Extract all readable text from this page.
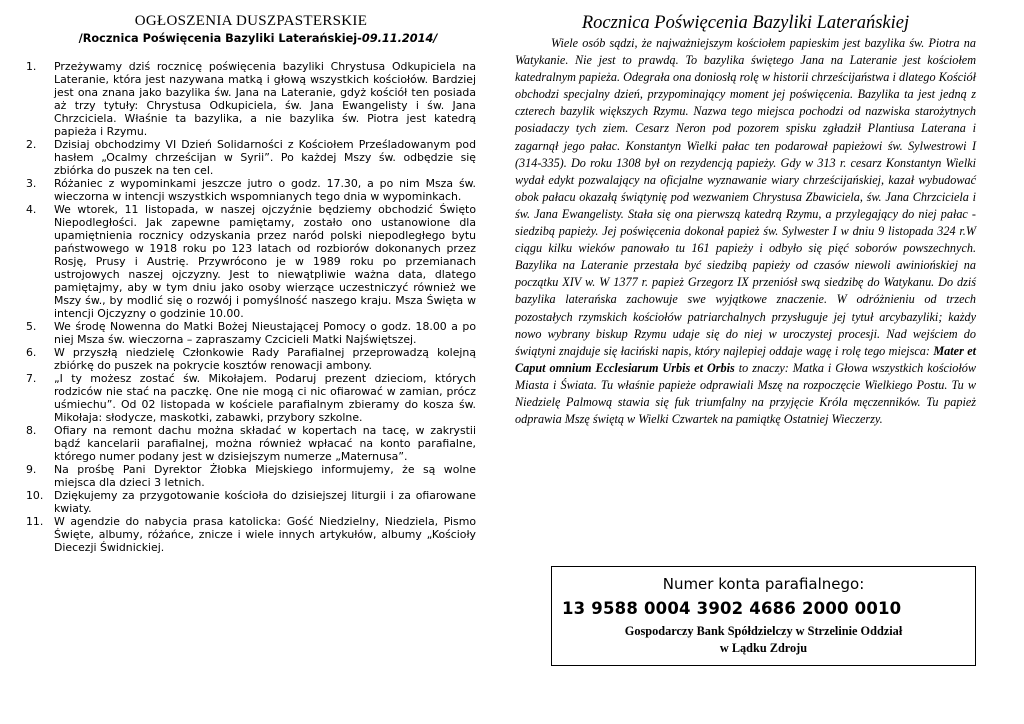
OGŁOSZENIA DUSZPASTERSKIE
/Rocznica Poświęcenia Bazyliki Laterańskiej-09.11.2014/
1.	Przeżywamy dziś rocznicę poświęcenia bazyliki Chrystusa Odkupiciela na Lateranie, która jest nazywana matką i głową wszystkich kościołów. Bardziej jest ona znana jako bazylika św. Jana na Lateranie, gdyż kościół ten posiada aż trzy tytuły: Chrystusa Odkupiciela, św. Jana Ewangelisty i św. Jana Chrzciciela. Właśnie ta bazylika, a nie bazylika św. Piotra jest katedrą papieża i Rzymu.
2.	Dzisiaj obchodzimy VI Dzień Solidarności z Kościołem Prześladowanym pod hasłem „Ocalmy chrześcijan w Syrii”. Po każdej Mszy św. odbędzie się zbiórka do puszek na ten cel.
3.	Różaniec z wypominkami jeszcze jutro o godz. 17.30, a po nim Msza św. wieczorna w intencji wszystkich wspomnianych tego dnia w wypominkach.
4.	We wtorek, 11 listopada, w naszej ojczyźnie będziemy obchodzić Święto Niepodległości. Jak zapewne pamiętamy, zostało ono ustanowione dla upamiętnienia rocznicy odzyskania przez naród polski niepodległego bytu państwowego w 1918 roku po 123 latach od rozbiorów dokonanych przez Rosję, Prusy i Austrię. Przywrócono je w 1989 roku po przemianach ustrojowych naszej ojczyzny. Jest to niewątpliwie ważna data, dlatego pamiętajmy, aby w tym dniu jako osoby wierzące uczestniczyć również we Mszy św., by modlić się o rozwój i pomyślność naszego kraju. Msza Święta w intencji Ojczyzny o godzinie 10.00.
5.	We środę Nowenna do Matki Bożej Nieustającej Pomocy o godz. 18.00 a po niej Msza św. wieczorna – zapraszamy Czcicieli Matki Najświętszej.
6.	W przyszłą niedzielę Członkowie Rady Parafialnej przeprowadzą kolejną zbiórkę do puszek na pokrycie kosztów renowacji ambony.
7.	„I ty możesz zostać św. Mikołajem. Podaruj prezent dzieciom, których rodziców nie stać na paczkę. One nie mogą ci nic ofiarować w zamian, prócz uśmiechu”. Od 02 listopada w kościele parafialnym zbieramy do kosza św. Mikołaja: słodycze, maskotki, zabawki, przybory szkolne.
8.	Ofiary na remont dachu można składać w kopertach na tacę, w zakrystii bądź kancelarii parafialnej, można również wpłacać na konto parafialne, którego numer podany jest w dzisiejszym numerze „Maternusa”.
9.	Na prośbę Pani Dyrektor Żłobka Miejskiego informujemy, że są wolne miejsca dla dzieci 3 letnich.
10. Dziękujemy za przygotowanie kościoła do dzisiejszej liturgii i za ofiarowane kwiaty.
11. W agendzie do nabycia prasa katolicka: Gość Niedzielny, Niedziela, Pismo Święte, albumy, różańce, znicze i wiele innych artykułów, albumy „Kościoły Diecezji Świdnickiej.
Rocznica Poświęcenia Bazyliki Laterańskiej

Wiele osób sądzi, że najważniejszym kościołem papieskim jest bazylika św. Piotra na Watykanie. Nie jest to prawdą. To bazylika świętego Jana na Lateranie jest kościołem katedralnym papieża. Odegrała ona doniosłą rolę w historii chrześcijaństwa i dlatego Kościół obchodzi specjalny dzień, przypominający moment jej poświęcenia. Bazylika ta jest jedną z czterech bazylik większych Rzymu. Nazwa tego miejsca pochodzi od nazwiska starożytnych posiadaczy tych ziem. Cesarz Neron pod pozorem spisku zgładził Plantiusa Laterana i zagarnął jego pałac. Konstantyn Wielki pałac ten podarował papieżowi św. Sylwestrowi I (314-335). Do roku 1308 był on rezydencją papieży. Gdy w 313 r. cesarz Konstantyn Wielki wydał edykt pozwalający na oficjalne wyznawanie wiary chrześcijańskiej, kazał wybudować obok pałacu okazałą świątynię pod wezwaniem Chrystusa Zbawiciela, św. Jana Chrzciciela i św. Jana Ewangelisty. Stała się ona pierwszą katedrą Rzymu, a przylegający do niej pałac - siedzibą papieży. Jej poświęcenia dokonał papież św. Sylwester I w dniu 9 listopada 324 r.W ciągu kilku wieków panowało tu 161 papieży i odbyło się pięć soborów powszechnych. Bazylika na Lateranie przestała być siedzibą papieży od czasów niewoli awiniońskiej na początku XIV w. W 1377 r. papież Grzegorz IX przeniósł swą siedzibę do Watykanu. Do dziś bazylika laterańska zachowuje swe wyjątkowe znaczenie. W odróżnieniu od trzech pozostałych rzymskich kościołów patriarchalnych przysługuje jej tytuł arcybazyliki; każdy nowo wybrany biskup Rzymu udaje się do niej w uroczystej procesji. Nad wejściem do świątyni znajduje się łaciński napis, który najlepiej oddaje wagę i rolę tego miejsca: Mater et Caput omnium Ecclesiarum Urbis et Orbis to znaczy: Matka i Głowa wszystkich kościołów Miasta i Świata. Tu właśnie papieże odprawiali Mszę na rozpoczęcie Wielkiego Postu. Tu w Niedzielę Palmową stawia się fuk triumfalny na przyjęcie Króla męczenników. Tu papież odprawia Mszę świętą w Wielki Czwartek na pamiątkę Ostatniej Wieczerzy.

Numer konta parafialnego:
13 9588 0004 3902 4686 2000 0010
Gospodarczy Bank Spółdzielczy w Strzelinie Oddział
w Lądku Zdroju
